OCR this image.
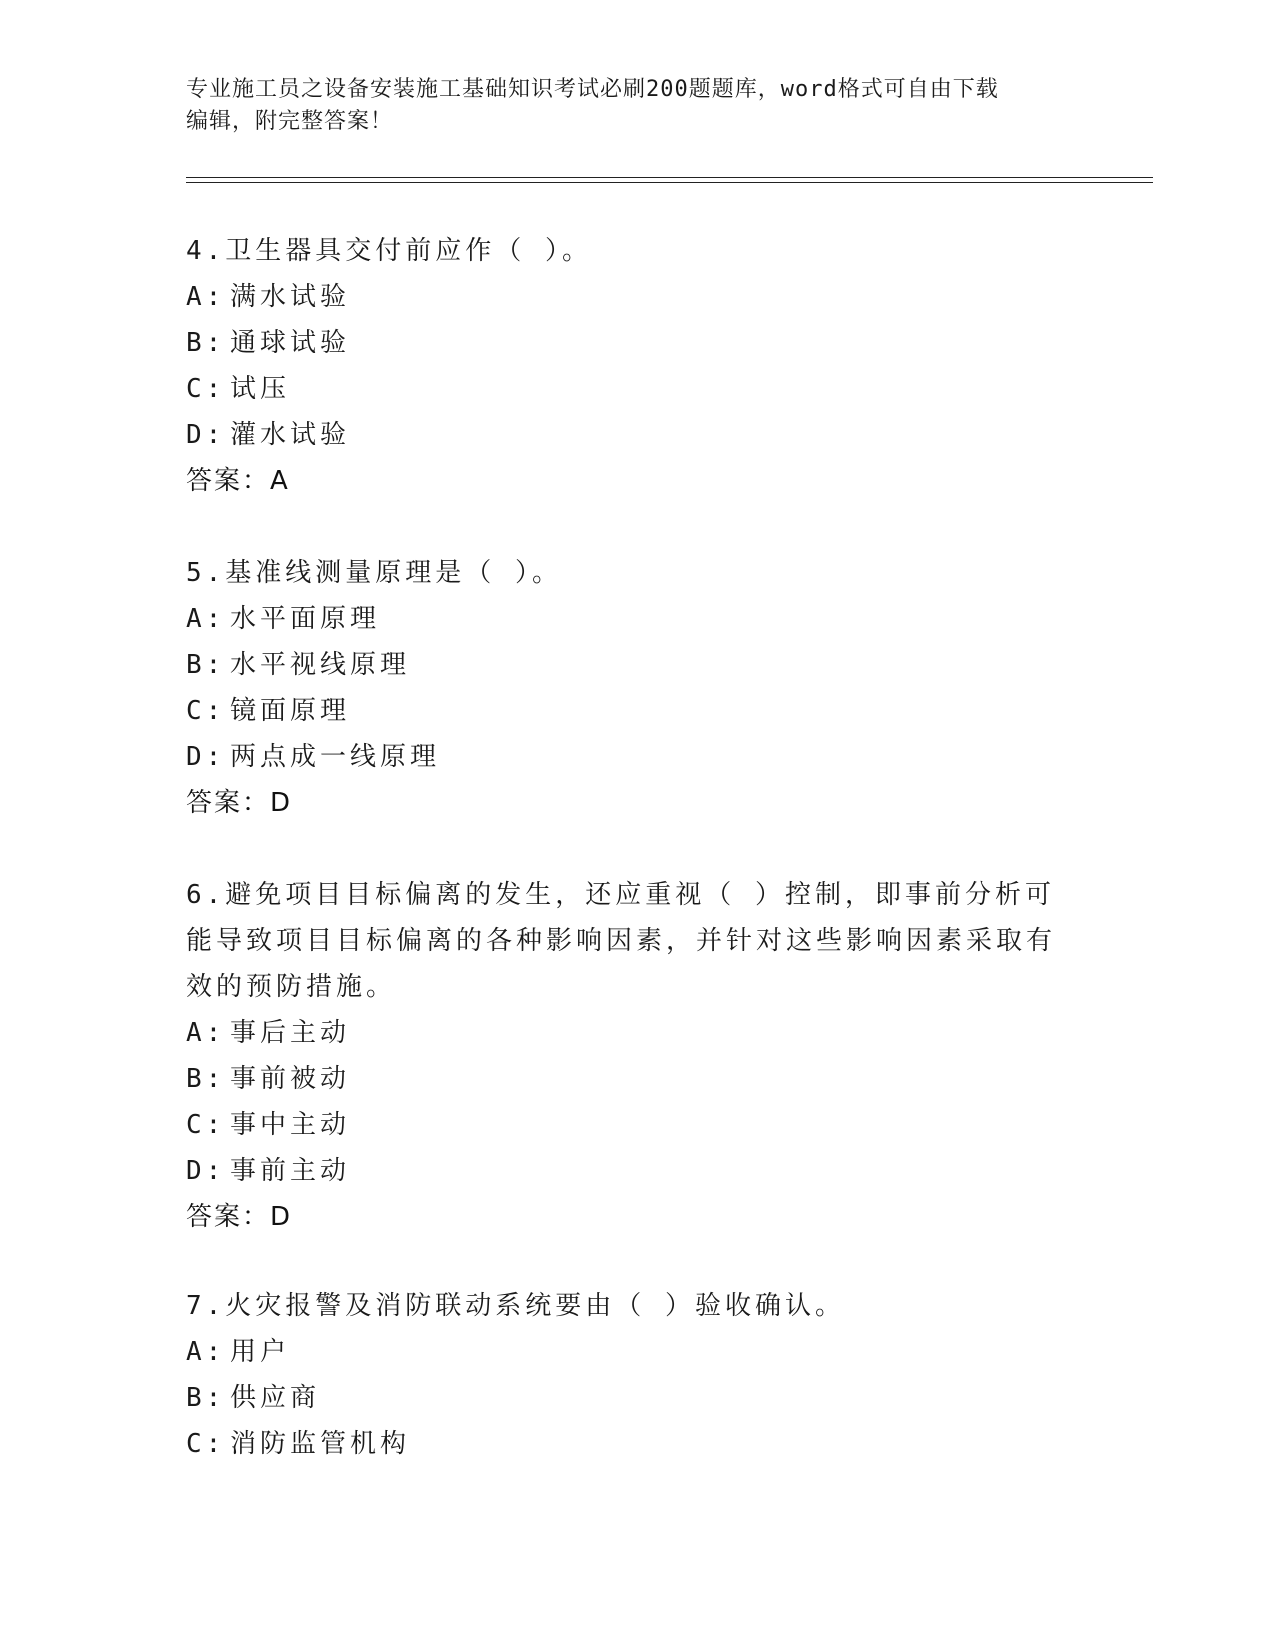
专业施工员之设备安装施工基础知识考试必刷200题题库，word格式可自由下载
编辑，附完整答案！

4.卫生器具交付前应作（ ）。

A: 满水试验

B: 通球试验

C: 试压

D: 灌水试验

答案：A

5.基准线测量原理是（ ）。

A: 水平面原理

B: 水平视线原理

C: 镜面原理

D: 两点成一线原理

答案：D

6.避免项目目标偏离的发生，还应重视（ ）控制，即事前分析可能导致项目目标偏离的各种影响因素，并针对这些影响因素采取有效的预防措施。

A: 事后主动

B: 事前被动

C: 事中主动

D: 事前主动

答案：D

7.火灾报警及消防联动系统要由（ ）验收确认。

A: 用户

B: 供应商

C: 消防监管机构
